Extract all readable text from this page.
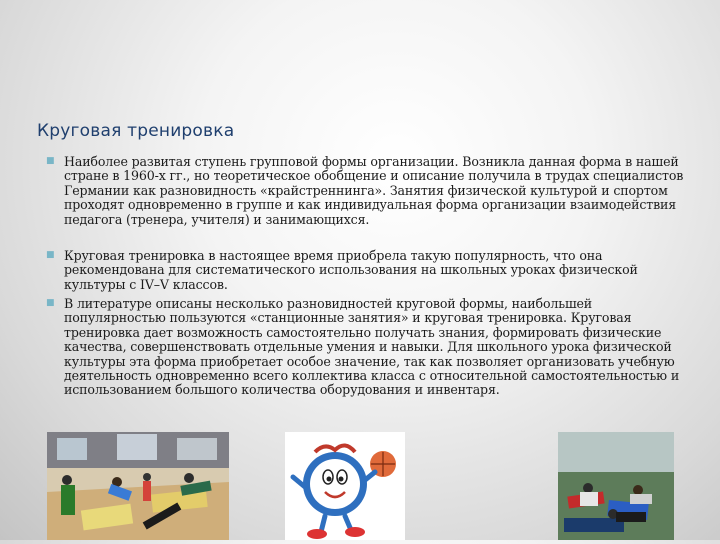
Круговая тренировка
■ Наиболее развитая ступень групповой формы организации. Возникла данная форма в нашей стране в 1960-х гг., но теоретическое обобщение и описание получила в трудах специалистов Германии как разновидность «крайстреннинга». Занятия физической культурой и спортом проходят одновременно в группе и как индивидуальная форма организации взаимодействия педагога (тренера, учителя) и занимающихся.
■ Круговая тренировка в настоящее время приобрела такую популярность, что она рекомендована для систематического использования на школьных уроках физической культуры с IV–V классов.
■ В литературе описаны несколько разновидностей круговой формы, наибольшей популярностью пользуются «станционные занятия» и круговая тренировка. Круговая тренировка дает возможность самостоятельно получать знания, формировать физические качества, совершенствовать отдельные умения и навыки. Для школьного урока физической культуры эта форма приобретает особое значение, так как позволяет организовать учебную деятельность одновременно всего коллектива класса с относительной самостоятельностью и использованием большого количества оборудования и инвентаря.
